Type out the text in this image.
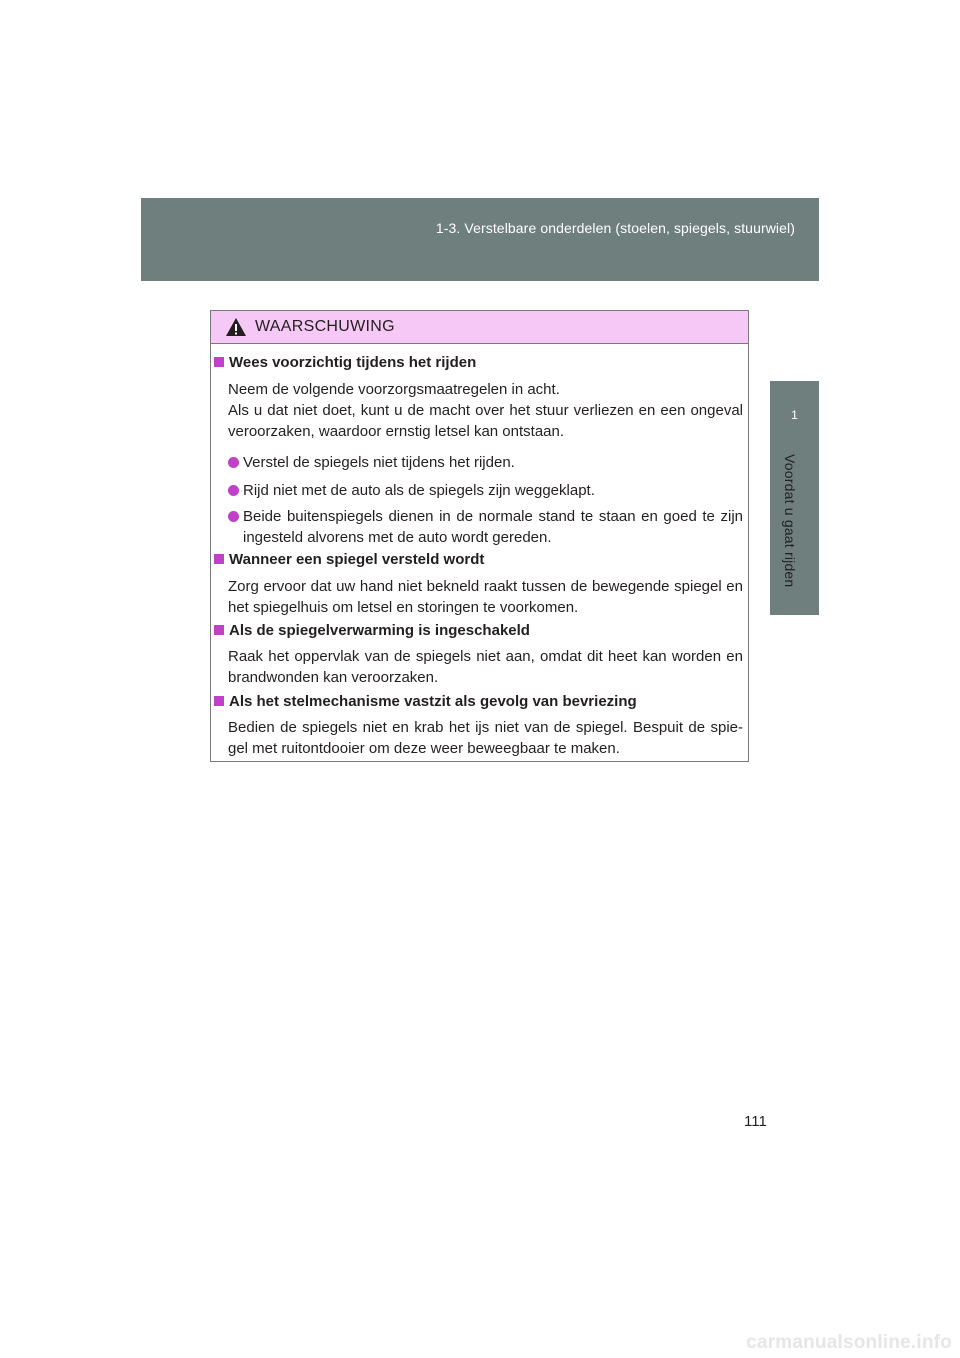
1-3. Verstelbare onderdelen (stoelen, spiegels, stuurwiel)
1
Voordat u gaat rijden
WAARSCHUWING
Wees voorzichtig tijdens het rijden
Neem de volgende voorzorgsmaatregelen in acht.
Als u dat niet doet, kunt u de macht over het stuur verliezen en een ongeval veroorzaken, waardoor ernstig letsel kan ontstaan.
Verstel de spiegels niet tijdens het rijden.
Rijd niet met de auto als de spiegels zijn weggeklapt.
Beide buitenspiegels dienen in de normale stand te staan en goed te zijn ingesteld alvorens met de auto wordt gereden.
Wanneer een spiegel versteld wordt
Zorg ervoor dat uw hand niet bekneld raakt tussen de bewegende spiegel en het spiegelhuis om letsel en storingen te voorkomen.
Als de spiegelverwarming is ingeschakeld
Raak het oppervlak van de spiegels niet aan, omdat dit heet kan worden en brandwonden kan veroorzaken.
Als het stelmechanisme vastzit als gevolg van bevriezing
Bedien de spiegels niet en krab het ijs niet van de spiegel. Bespuit de spie-gel met ruitontdooier om deze weer beweegbaar te maken.
111
carmanualsonline.info
